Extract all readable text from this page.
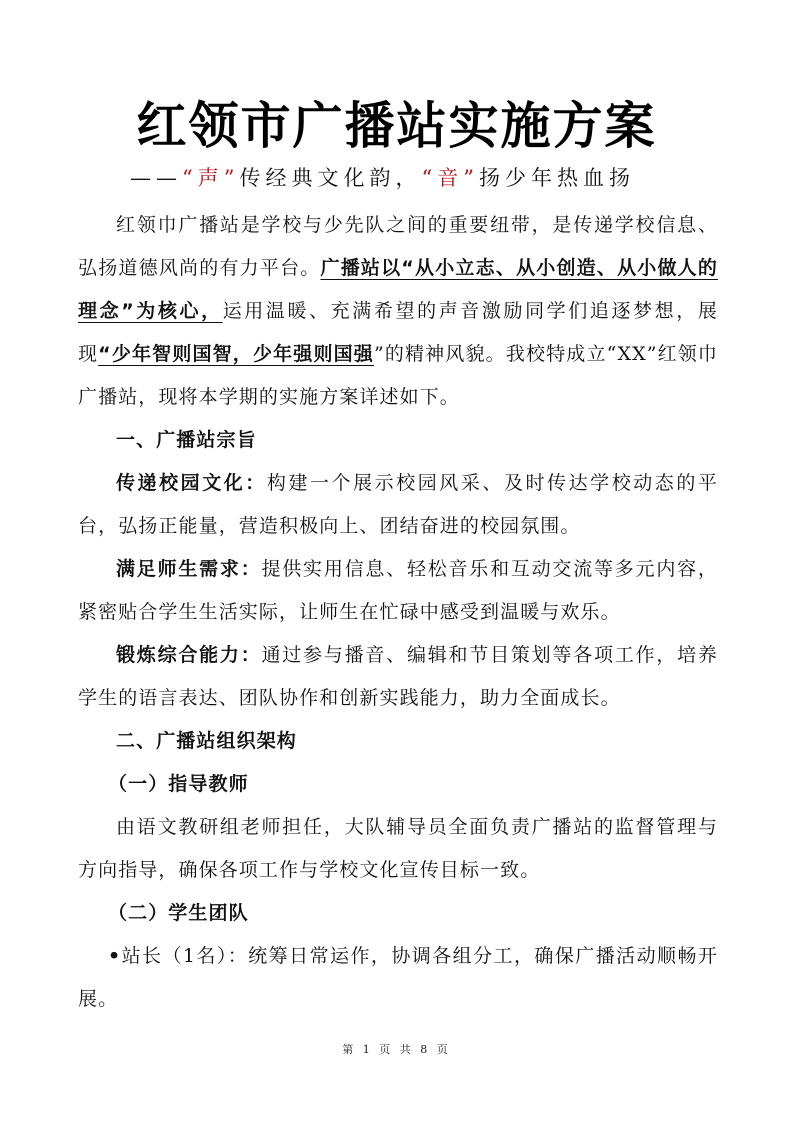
红领市广播站实施方案
——“声”传经典文化韵，“音”扬少年热血扬

红领巾广播站是学校与少先队之间的重要纽带，是传递学校信息、弘扬道德风尚的有力平台。广播站以“从小立志、从小创造、从小做人的理念”为核心，运用温暖、充满希望的声音激励同学们追逐梦想，展现“少年智则国智，少年强则国强”的精神风貌。我校特成立“XX”红领巾广播站，现将本学期的实施方案详述如下。

一、广播站宗旨

传递校园文化：构建一个展示校园风采、及时传达学校动态的平台，弘扬正能量，营造积极向上、团结奋进的校园氛围。

满足师生需求：提供实用信息、轻松音乐和互动交流等多元内容，紧密贴合学生生活实际，让师生在忙碌中感受到温暖与欢乐。

锻炼综合能力：通过参与播音、编辑和节目策划等各项工作，培养学生的语言表达、团队协作和创新实践能力，助力全面成长。

二、广播站组织架构

（一）指导教师

由语文教研组老师担任，大队辅导员全面负责广播站的监督管理与方向指导，确保各项工作与学校文化宣传目标一致。

（二）学生团队

•站长（1名）：统筹日常运作，协调各组分工，确保广播活动顺畅开展。

第 1 页 共 8 页
